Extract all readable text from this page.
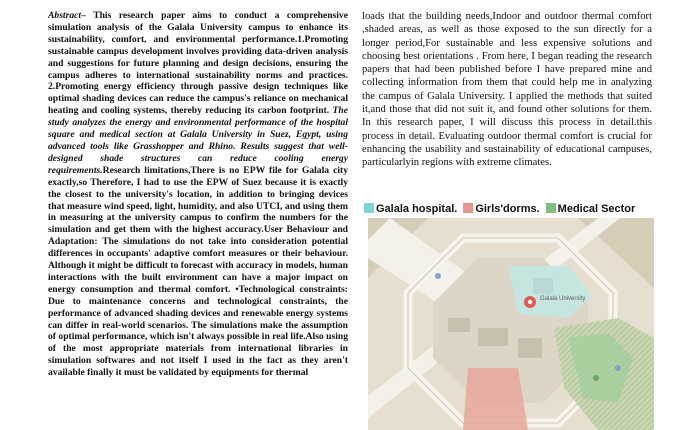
Abstract– This research paper aims to conduct a comprehensive simulation analysis of the Galala University campus to enhance its sustainability, comfort, and environmental performance.1.Promoting sustainable campus development involves providing data-driven analysis and suggestions for future planning and design decisions, ensuring the campus adheres to international sustainability norms and practices. 2.Promoting energy efficiency through passive design techniques like optimal shading devices can reduce the campus's reliance on mechanical heating and cooling systems, thereby reducing its carbon footprint. The study analyzes the energy and environmental performance of the hospital square and medical section at Galala University in Suez, Egypt, using advanced tools like Grasshopper and Rhino. Results suggest that well-designed shade structures can reduce cooling energy requirements.Research limitations,There is no EPW file for Galala city exactly,so Therefore, I had to use the EPW of Suez because it is exactly the closest to the university's location, in addition to bringing devices that measure wind speed, light, humidity, and also UTCI, and using them in measuring at the university campus to confirm the numbers for the simulation and get them with the highest accuracy.User Behaviour and Adaptation: The simulations do not take into consideration potential differences in occupants' adaptive comfort measures or their behaviour. Although it might be difficult to forecast with accuracy in models, human interactions with the built environment can have a major impact on energy consumption and thermal comfort. •Technological constraints: Due to maintenance concerns and technological constraints, the performance of advanced shading devices and renewable energy systems can differ in real-world scenarios. The simulations make the assumption of optimal performance, which isn't always possible in real life.Also using of the most appropriate materials from international libraries in simulation softwares and not itself I used in the fact as they aren't available finally it must be validated by equipments for thermal

loads that the building needs,Indoor and outdoor thermal comfort ,shaded areas, as well as those exposed to the sun directly for a longer period,For sustainable and less expensive solutions and choosing best orientations . From here, I began reading the research papers that had been published before I have prepared mine and collecting information from them that could help me in analyzing the campus of Galala University. I applied the methods that suited it,and those that did not suit it, and found other solutions for them. In this research paper, I will discuss this process in detail.this process in detail. Evaluating outdoor thermal comfort is crucial for enhancing the usability and sustainability of educational campuses, particularlyin regions with extreme climates.

Galala hospital.	Girls'dorms.	Medical Sector
Galala University
